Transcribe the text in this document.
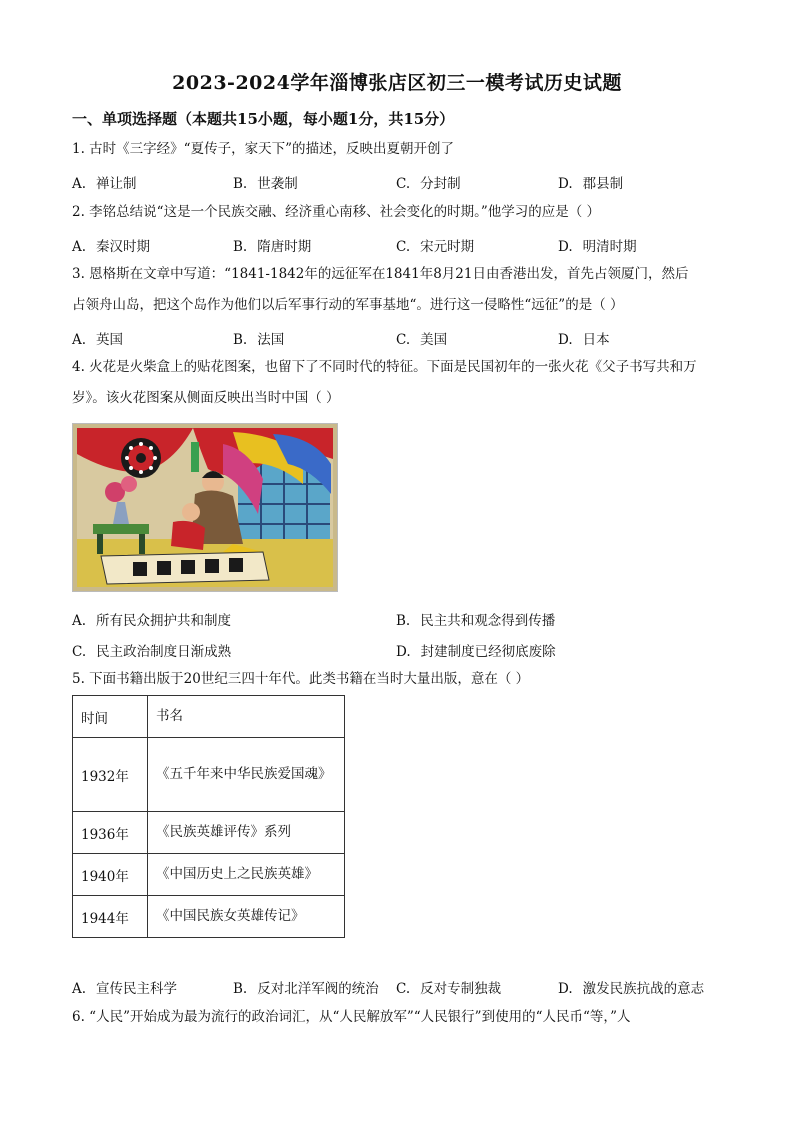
2023-2024学年淄博张店区初三一模考试历史试题
一、单项选择题（本题共15小题，每小题1分，共15分）
1. 古时《三字经》“夏传子，家天下”的描述，反映出夏朝开创了
A. 禅让制	B. 世袭制	C. 分封制	D. 郡县制
2. 李铭总结说“这是一个民族交融、经济重心南移、社会变化的时期。”他学习的应是（ ）
A. 秦汉时期	B. 隋唐时期	C. 宋元时期	D. 明清时期
3. 恩格斯在文章中写道：“1841-1842年的远征军在1841年8月21日由香港出发，首先占领厦门，然后
占领舟山岛，把这个岛作为他们以后军事行动的军事基地“。进行这一侵略性“远征”的是（ ）
A. 英国	B. 法国	C. 美国	D. 日本
4. 火花是火柴盒上的贴花图案，也留下了不同时代的特征。下面是民国初年的一张火花《父子书写共和万
岁》。该火花图案从侧面反映出当时中国（ ）
A. 所有民众拥护共和制度	B. 民主共和观念得到传播
C. 民主政治制度日渐成熟	D. 封建制度已经彻底废除
5. 下面书籍出版于20世纪三四十年代。此类书籍在当时大量出版，意在（ ）
时间	书名
1932年	《五千年来中华民族爱国魂》
1936年	《民族英雄评传》系列
1940年	《中国历史上之民族英雄》
1944年	《中国民族女英雄传记》
A. 宣传民主科学	B. 反对北洋军阀的统治 C. 反对专制独裁	D. 激发民族抗战的意志
6. “人民”开始成为最为流行的政治词汇，从“人民解放军”“人民银行”到使用的“人民币“等，”人
